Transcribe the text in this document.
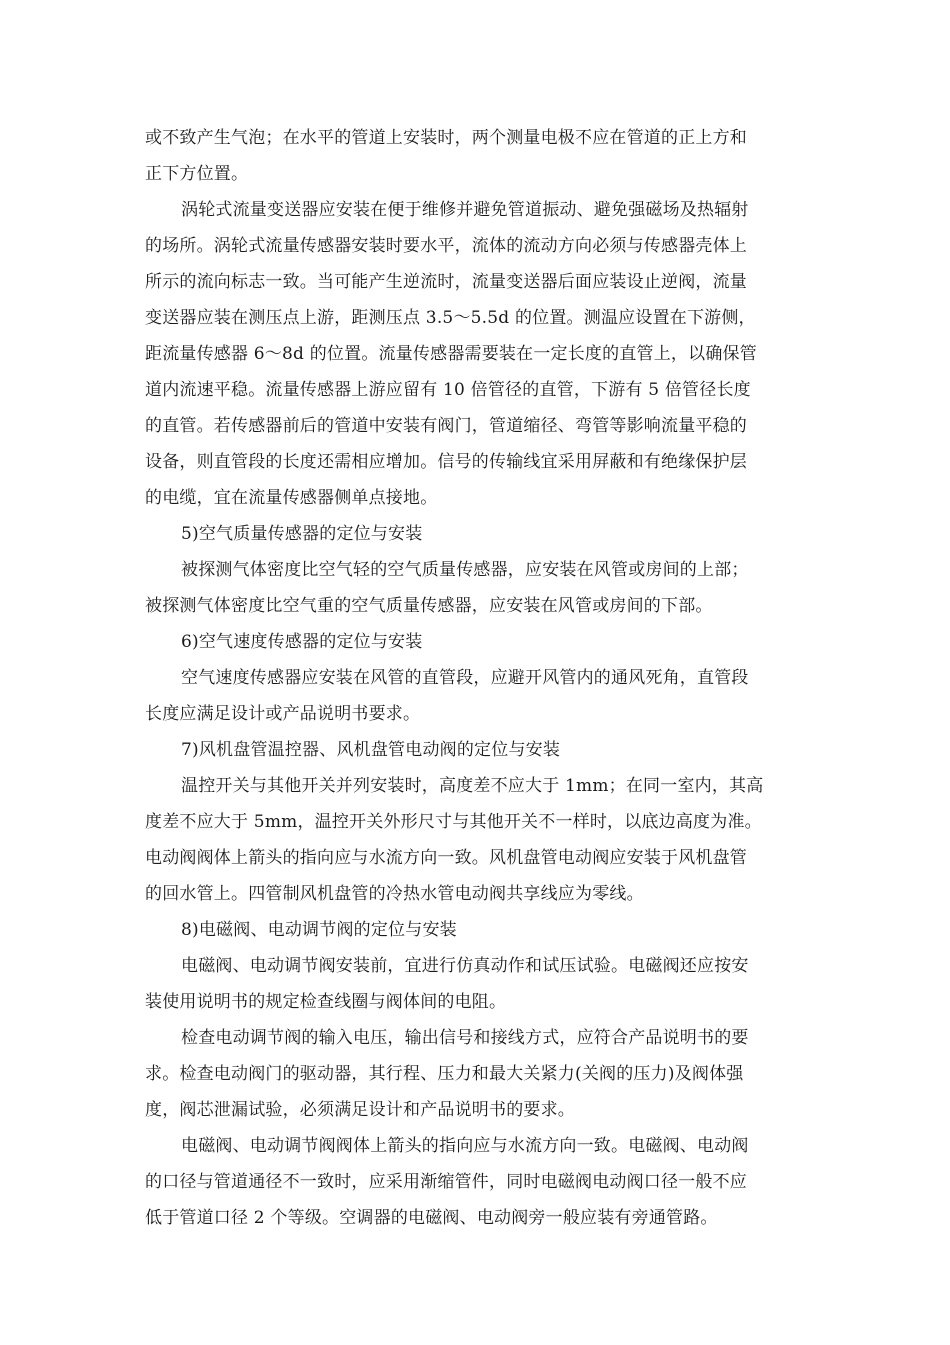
或不致产生气泡；在水平的管道上安装时，两个测量电极不应在管道的正上方和
正下方位置。
涡轮式流量变送器应安装在便于维修并避免管道振动、避免强磁场及热辐射
的场所。涡轮式流量传感器安装时要水平，流体的流动方向必须与传感器壳体上
所示的流向标志一致。当可能产生逆流时，流量变送器后面应装设止逆阀，流量
变送器应装在测压点上游，距测压点 3.5～5.5d 的位置。测温应设置在下游侧，
距流量传感器 6～8d 的位置。流量传感器需要装在一定长度的直管上，以确保管
道内流速平稳。流量传感器上游应留有 10 倍管径的直管，下游有 5 倍管径长度
的直管。若传感器前后的管道中安装有阀门，管道缩径、弯管等影响流量平稳的
设备，则直管段的长度还需相应增加。信号的传输线宜采用屏蔽和有绝缘保护层
的电缆，宜在流量传感器侧单点接地。
5)空气质量传感器的定位与安装
被探测气体密度比空气轻的空气质量传感器，应安装在风管或房间的上部；
被探测气体密度比空气重的空气质量传感器，应安装在风管或房间的下部。
6)空气速度传感器的定位与安装
空气速度传感器应安装在风管的直管段，应避开风管内的通风死角，直管段
长度应满足设计或产品说明书要求。
7)风机盘管温控器、风机盘管电动阀的定位与安装
温控开关与其他开关并列安装时，高度差不应大于 1mm；在同一室内，其高
度差不应大于 5mm，温控开关外形尺寸与其他开关不一样时，以底边高度为准。
电动阀阀体上箭头的指向应与水流方向一致。风机盘管电动阀应安装于风机盘管
的回水管上。四管制风机盘管的冷热水管电动阀共享线应为零线。
8)电磁阀、电动调节阀的定位与安装
电磁阀、电动调节阀安装前，宜进行仿真动作和试压试验。电磁阀还应按安
装使用说明书的规定检查线圈与阀体间的电阻。
检查电动调节阀的输入电压，输出信号和接线方式，应符合产品说明书的要
求。检查电动阀门的驱动器，其行程、压力和最大关紧力(关阀的压力)及阀体强
度，阀芯泄漏试验，必须满足设计和产品说明书的要求。
电磁阀、电动调节阀阀体上箭头的指向应与水流方向一致。电磁阀、电动阀
的口径与管道通径不一致时，应采用渐缩管件，同时电磁阀电动阀口径一般不应
低于管道口径 2 个等级。空调器的电磁阀、电动阀旁一般应装有旁通管路。
